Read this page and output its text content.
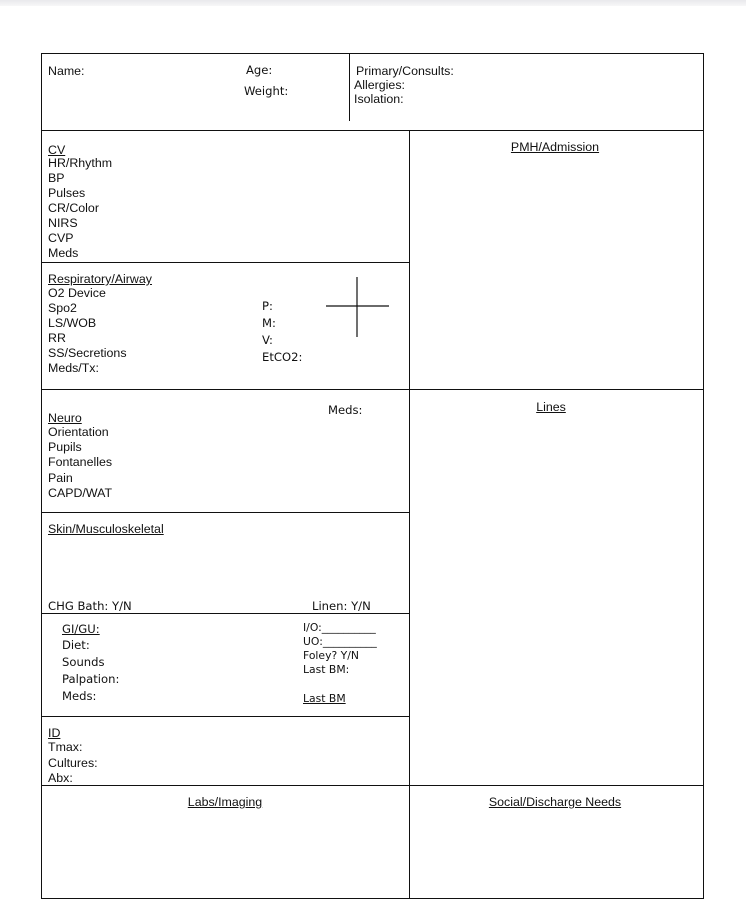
Name:	Age:
Weight:
Primary/Consults:
Allergies:
Isolation:
CV
HR/Rhythm
BP
Pulses
CR/Color
NIRS
CVP
Meds
PMH/Admission
Respiratory/Airway
O2 Device
Spo2
LS/WOB
RR
SS/Secretions
Meds/Tx:
P:
M:
V:
EtCO2:
Meds:
Neuro
Orientation
Pupils
Fontanelles
Pain
CAPD/WAT
Lines
Skin/Musculoskeletal
CHG Bath: Y/N	Linen: Y/N
GI/GU:
Diet:
Sounds
Palpation:
Meds:
I/O:__________
UO:__________
Foley? Y/N
Last BM:
Last BM
ID
Tmax:
Cultures:
Abx:
Labs/Imaging	Social/Discharge Needs
